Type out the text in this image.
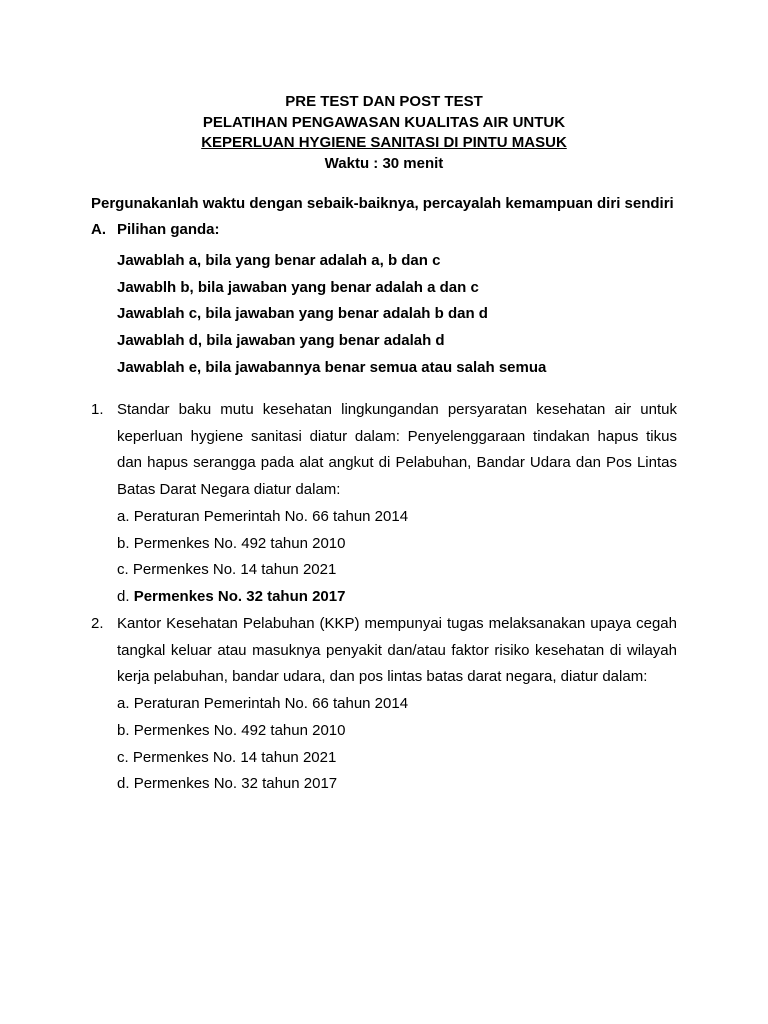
PRE TEST DAN POST TEST
PELATIHAN PENGAWASAN KUALITAS AIR UNTUK
KEPERLUAN HYGIENE SANITASI DI PINTU MASUK
Waktu : 30 menit
Pergunakanlah waktu dengan sebaik-baiknya, percayalah kemampuan diri sendiri
A. Pilihan ganda:
Jawablah a, bila yang benar adalah a, b dan c
Jawablh b, bila jawaban yang benar adalah a dan c
Jawablah c, bila jawaban yang benar adalah b dan d
Jawablah d, bila jawaban yang benar adalah d
Jawablah e, bila jawabannya benar semua atau salah semua
1. Standar baku mutu kesehatan lingkungandan persyaratan kesehatan air untuk keperluan hygiene sanitasi diatur dalam: Penyelenggaraan tindakan hapus tikus dan hapus serangga pada alat angkut di Pelabuhan, Bandar Udara dan Pos Lintas Batas Darat Negara diatur dalam:
a. Peraturan Pemerintah No. 66 tahun 2014
b. Permenkes No. 492 tahun 2010
c. Permenkes No. 14 tahun 2021
d. Permenkes No. 32 tahun 2017
2. Kantor Kesehatan Pelabuhan (KKP) mempunyai tugas melaksanakan upaya cegah tangkal keluar atau masuknya penyakit dan/atau faktor risiko kesehatan di wilayah kerja pelabuhan, bandar udara, dan pos lintas batas darat negara, diatur dalam:
a. Peraturan Pemerintah No. 66 tahun 2014
b. Permenkes No. 492 tahun 2010
c. Permenkes No. 14 tahun 2021
d. Permenkes No. 32 tahun 2017
